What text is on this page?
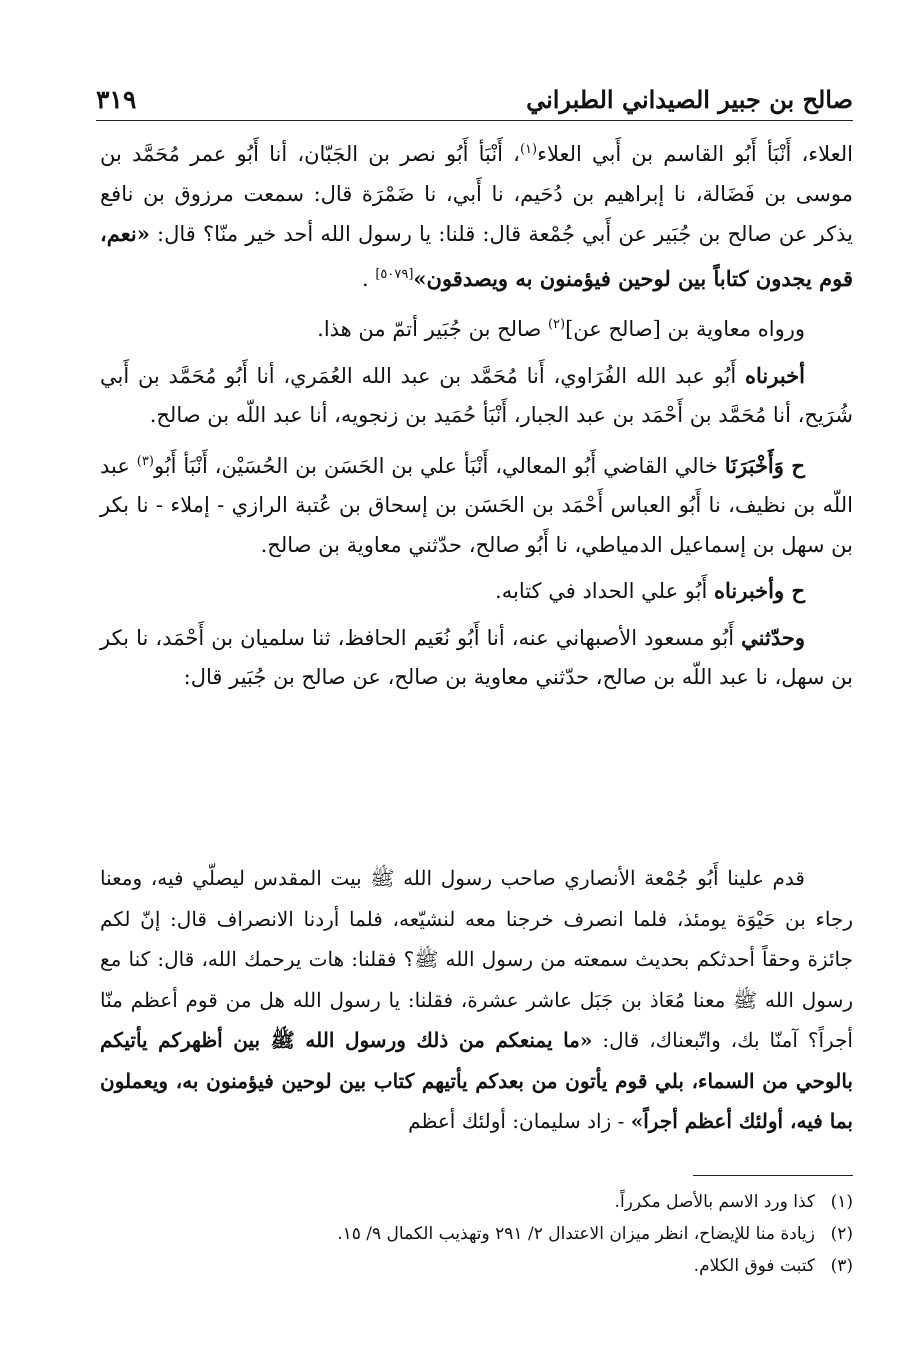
صالح بن جبير الصيداني الطبراني
٣١٩

العلاء، أَنْبَأ أَبُو القاسم بن أَبي العلاء$^{(١)}$، أَنْبَأ أَبُو نصر بن الجَبّان، أنا أَبُو عمر مُحَمَّد بن موسى بن فَضَالة، نا إبراهيم بن دُحَيم، نا أَبي، نا ضَمْرَة قال: سمعت مرزوق بن نافع يذكر عن صالح بن جُبَير عن أَبي جُمْعة قال: قلنا: يا رسول الله أحد خير منّا؟ قال: «نعم، قوم يجدون كتاباً بين لوحين فيؤمنون به ويصدقون»[٥٠٧٩] .

ورواه معاوية بن [صالح عن]$^{(٢)}$ صالح بن جُبَير أتمّ من هذا.

أخبرناه أَبُو عبد الله الفُرَاوي، أَنا مُحَمَّد بن عبد الله العُمَري، أنا أَبُو مُحَمَّد بن أَبي شُرَيح، أنا مُحَمَّد بن أَحْمَد بن عبد الجبار، أَنْبَأ حُمَيد بن زنجويه، أنا عبد اللّه بن صالح.

ح وَأَخْبَرَنَا خالي القاضي أَبُو المعالي، أَنْبَأ علي بن الحَسَن بن الحُسَيْن، أَنْبَأ أَبُو$^{(٣)}$ عبد اللّه بن نظيف، نا أَبُو العباس أَحْمَد بن الحَسَن بن إسحاق بن عُتبة الرازي - إملاء - نا بكر بن سهل بن إسماعيل الدمياطي، نا أَبُو صالح، حدّثني معاوية بن صالح.

ح وأخبرناه أَبُو علي الحداد في كتابه.

وحدّثني أَبُو مسعود الأصبهاني عنه، أنا أَبُو نُعَيم الحافظ، ثنا سلميان بن أَحْمَد، نا بكر بن سهل، نا عبد اللّه بن صالح، حدّثني معاوية بن صالح، عن صالح بن جُبَير قال:

قدم علينا أَبُو جُمْعة الأنصاري صاحب رسول الله ﷺ بيت المقدس ليصلّي فيه، ومعنا رجاء بن حَيْوَة يومئذ، فلما انصرف خرجنا معه لنشيّعه، فلما أردنا الانصراف قال: إنّ لكم جائزة وحقاً أحدثكم بحديث سمعته من رسول الله ﷺ؟ فقلنا: هات يرحمك الله، قال: كنا مع رسول الله ﷺ معنا مُعَاذ بن جَبَل عاشر عشرة، فقلنا: يا رسول الله هل من قوم أعظم منّا أجراً؟ آمنّا بك، واتّبعناك، قال: «ما يمنعكم من ذلك ورسول الله ﷺ بين أظهركم يأتيكم بالوحي من السماء، بلي قوم يأتون من بعدكم يأتيهم كتاب بين لوحين فيؤمنون به، ويعملون بما فيه، أولئك أعظم أجراً» - زاد سليمان: أولئك أعظم

(١)
كذا ورد الاسم بالأصل مكرراً.
(٢)
زيادة منا للإيضاح، انظر ميزان الاعتدال ٢/ ٢٩١ وتهذيب الكمال ٩/ ١٥.
(٣)
كتبت فوق الكلام.
